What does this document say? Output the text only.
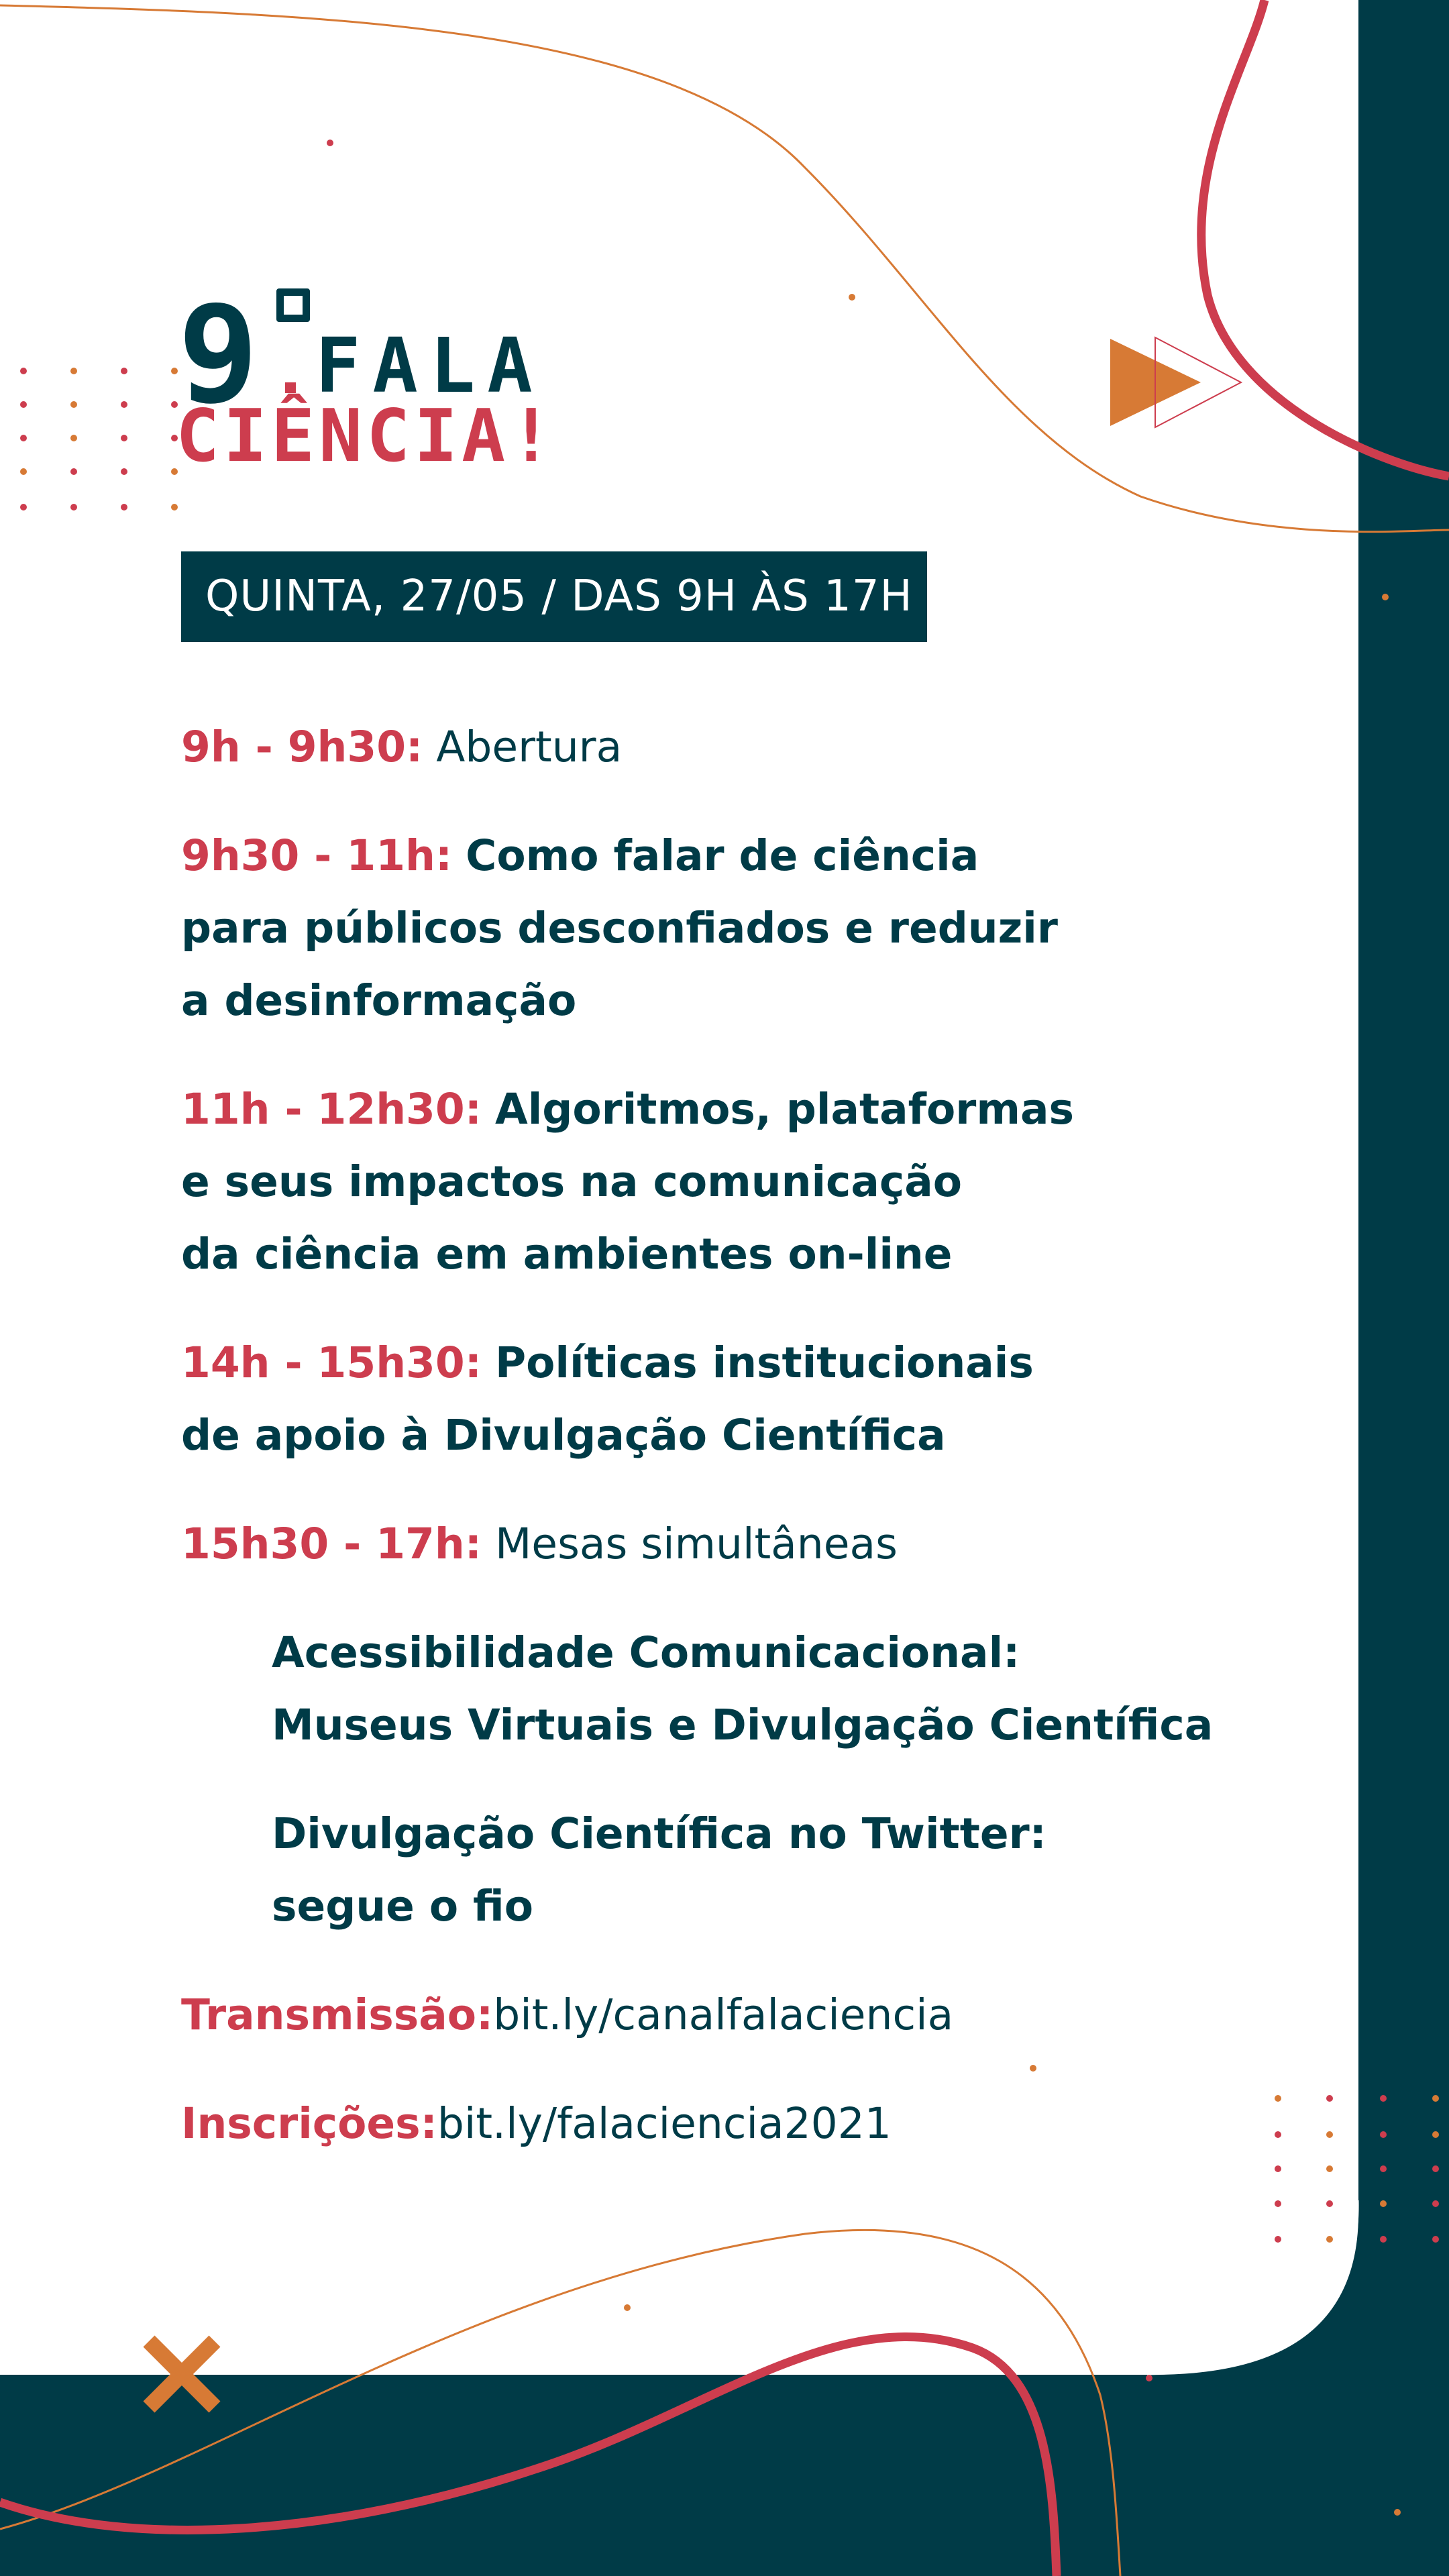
9 FALA
CIÊNCIA!
QUINTA, 27/05 / DAS 9H ÀS 17H
9h - 9h30: Abertura
9h30 - 11h: Como falar de ciência
para públicos desconfiados e reduzir
a desinformação
11h - 12h30: Algoritmos, plataformas
e seus impactos na comunicação
da ciência em ambientes on-line
14h - 15h30: Políticas institucionais
de apoio à Divulgação Científica
15h30 - 17h: Mesas simultâneas
Acessibilidade Comunicacional:
Museus Virtuais e Divulgação Científica
Divulgação Científica no Twitter:
segue o fio
Transmissão:bit.ly/canalfalaciencia
Inscrições:bit.ly/falaciencia2021
